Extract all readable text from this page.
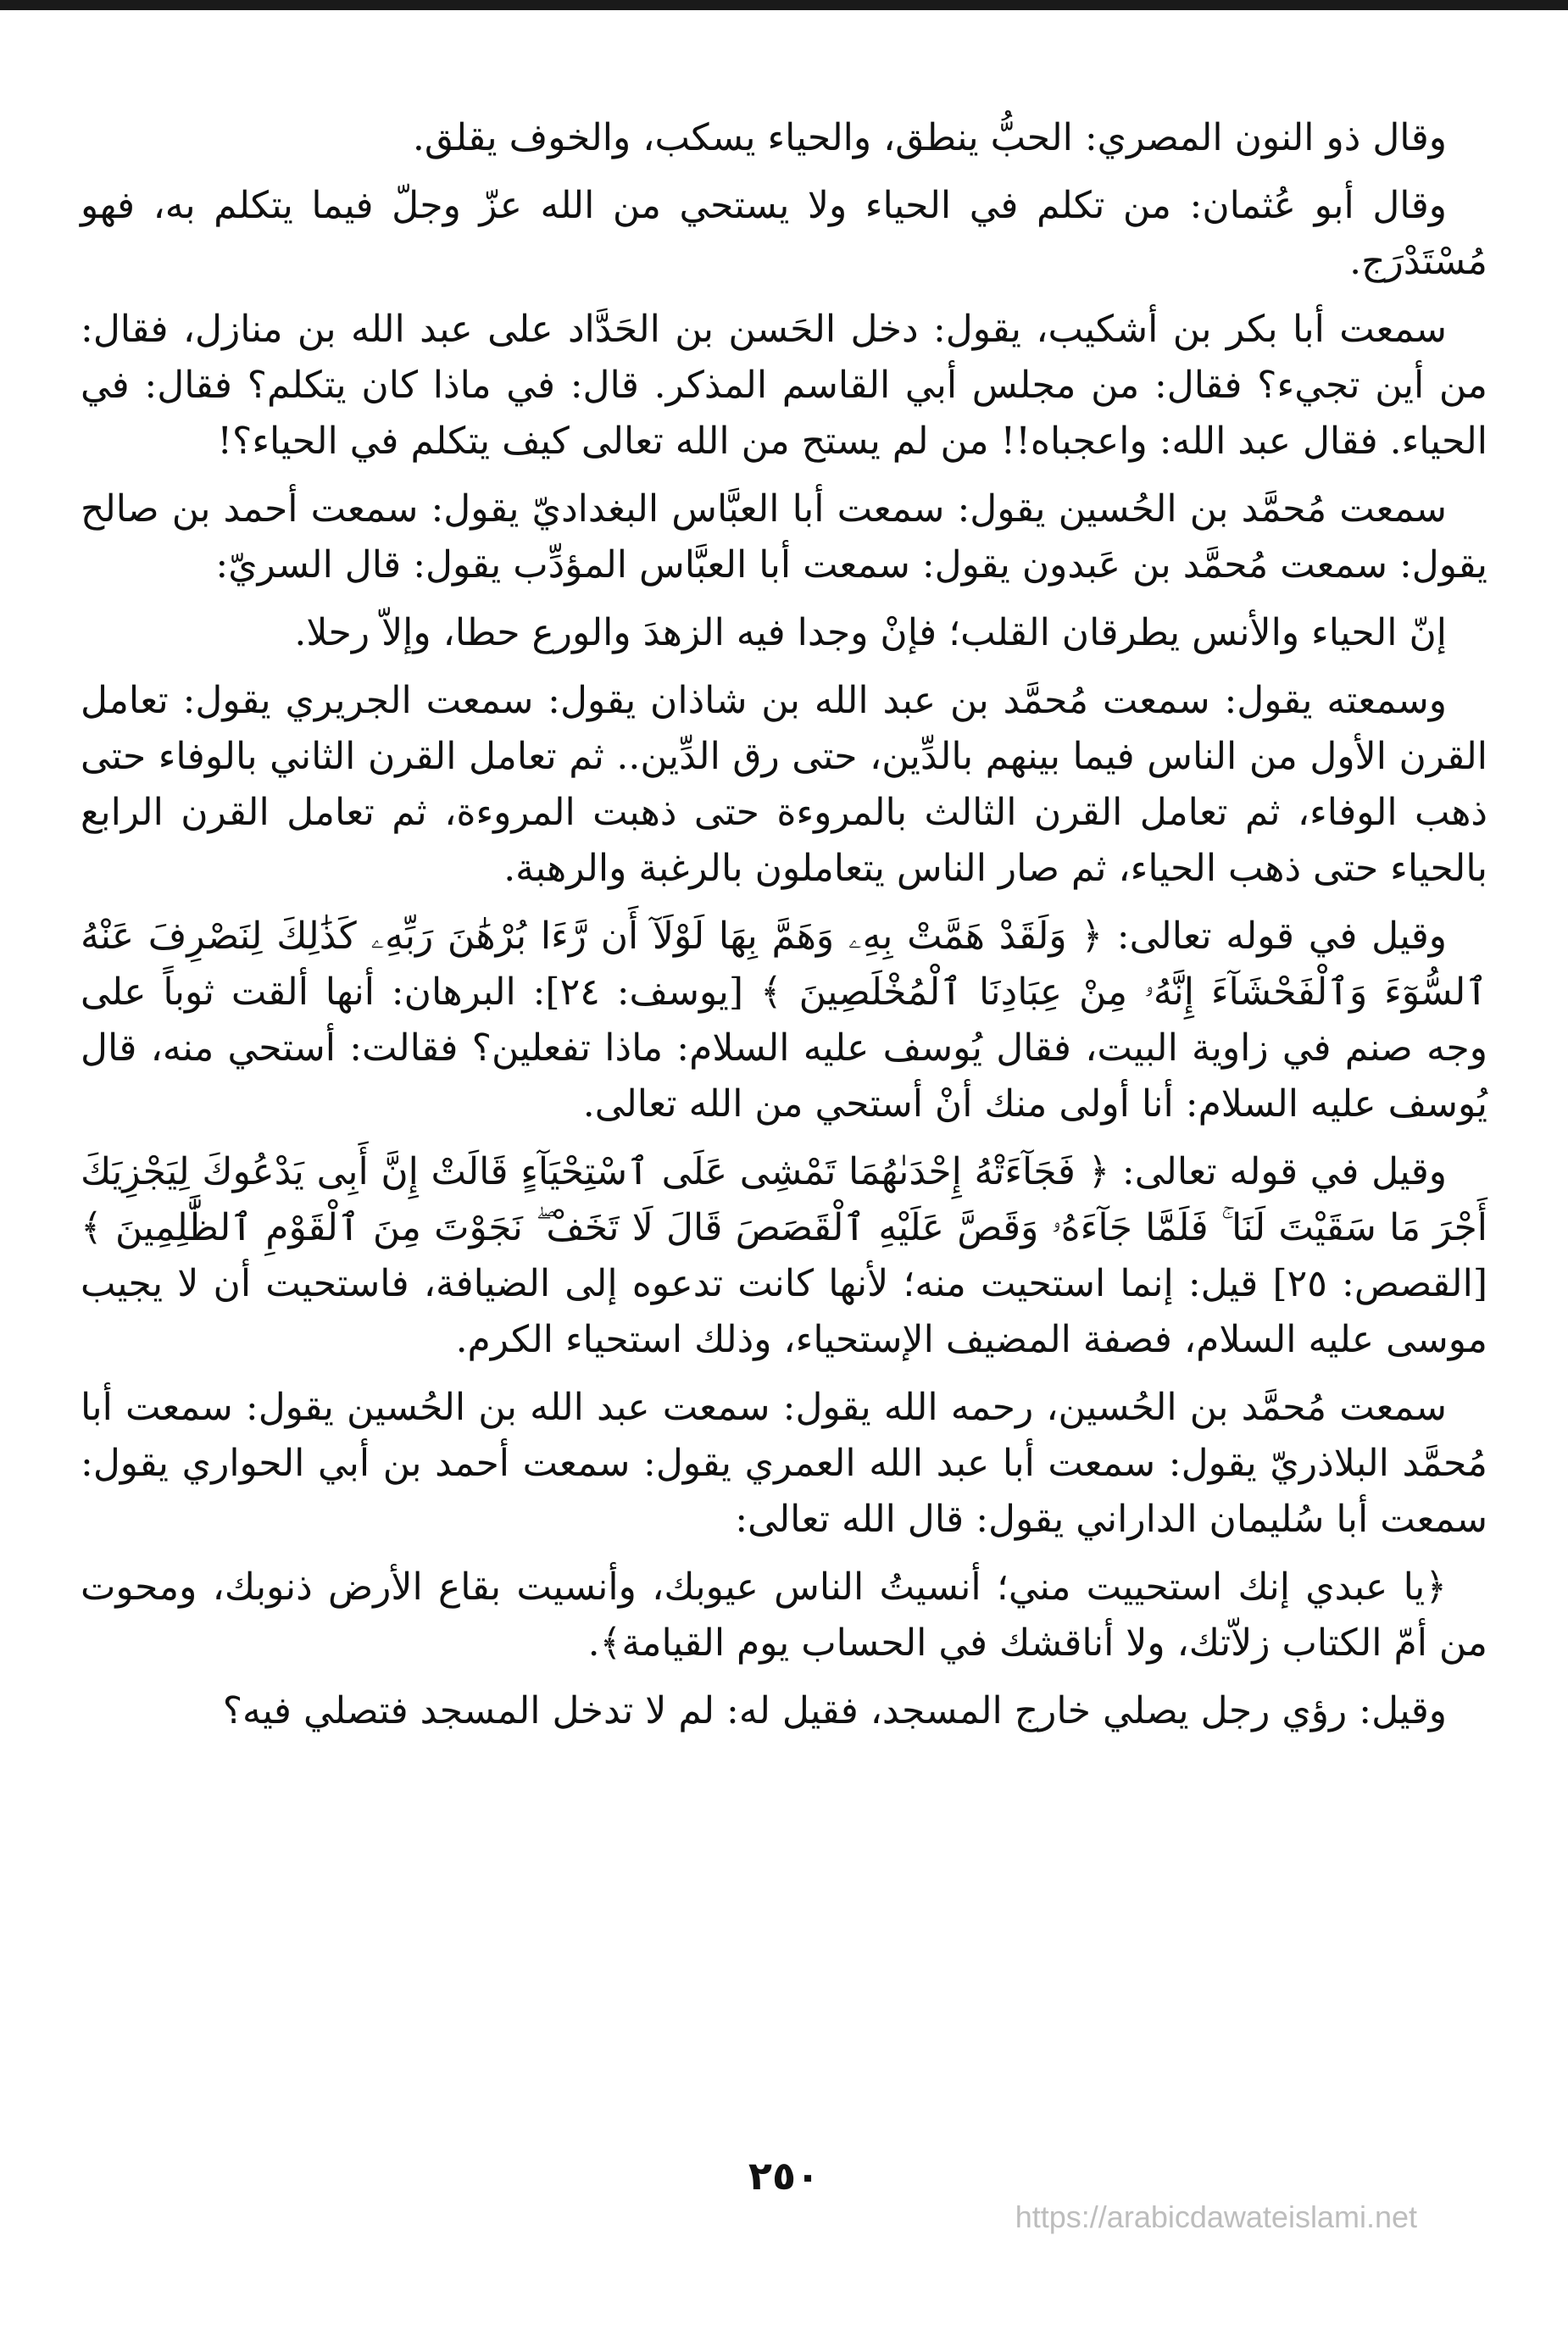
وقال ذو النون المصري: الحبُّ ينطق، والحياء يسكب، والخوف يقلق.

وقال أبو عُثمان: من تكلم في الحياء ولا يستحي من الله عزّ وجلّ فيما يتكلم به، فهو مُسْتَدْرَج.

سمعت أبا بكر بن أشكيب، يقول: دخل الحَسن بن الحَدَّاد على عبد الله بن منازل، فقال: من أين تجيء؟ فقال: من مجلس أبي القاسم المذكر. قال: في ماذا كان يتكلم؟ فقال: في الحياء. فقال عبد الله: واعجباه!! من لم يستح من الله تعالى كيف يتكلم في الحياء؟!

سمعت مُحمَّد بن الحُسين يقول: سمعت أبا العبَّاس البغداديّ يقول: سمعت أحمد بن صالح يقول: سمعت مُحمَّد بن عَبدون يقول: سمعت أبا العبَّاس المؤدِّب يقول: قال السريّ:

إنّ الحياء والأنس يطرقان القلب؛ فإنْ وجدا فيه الزهدَ والورع حطا، وإلاّ رحلا.

وسمعته يقول: سمعت مُحمَّد بن عبد الله بن شاذان يقول: سمعت الجريري يقول: تعامل القرن الأول من الناس فيما بينهم بالدِّين، حتى رق الدِّين.. ثم تعامل القرن الثاني بالوفاء حتى ذهب الوفاء، ثم تعامل القرن الثالث بالمروءة حتى ذهبت المروءة، ثم تعامل القرن الرابع بالحياء حتى ذهب الحياء، ثم صار الناس يتعاملون بالرغبة والرهبة.

وقيل في قوله تعالى: ﴿ وَلَقَدْ هَمَّتْ بِهِۦ وَهَمَّ بِهَا لَوْلَآ أَن رَّءَا بُرْهَٰنَ رَبِّهِۦ كَذَٰلِكَ لِنَصْرِفَ عَنْهُ ٱلسُّوٓءَ وَٱلْفَحْشَآءَ إِنَّهُۥ مِنْ عِبَادِنَا ٱلْمُخْلَصِينَ ﴾ [يوسف: ٢٤]: البرهان: أنها ألقت ثوباً على وجه صنم في زاوية البيت، فقال يُوسف عليه السلام: ماذا تفعلين؟ فقالت: أستحي منه، قال يُوسف عليه السلام: أنا أولى منك أنْ أستحي من الله تعالى.

وقيل في قوله تعالى: ﴿ فَجَآءَتْهُ إِحْدَىٰهُمَا تَمْشِى عَلَى ٱسْتِحْيَآءٍ قَالَتْ إِنَّ أَبِى يَدْعُوكَ لِيَجْزِيَكَ أَجْرَ مَا سَقَيْتَ لَنَا ۚ فَلَمَّا جَآءَهُۥ وَقَصَّ عَلَيْهِ ٱلْقَصَصَ قَالَ لَا تَخَفْ ۖ نَجَوْتَ مِنَ ٱلْقَوْمِ ٱلظَّٰلِمِينَ ﴾ [القصص: ٢٥] قيل: إنما استحيت منه؛ لأنها كانت تدعوه إلى الضيافة، فاستحيت أن لا يجيب موسى عليه السلام، فصفة المضيف الإستحياء، وذلك استحياء الكرم.

سمعت مُحمَّد بن الحُسين، رحمه الله يقول: سمعت عبد الله بن الحُسين يقول: سمعت أبا مُحمَّد البلاذريّ يقول: سمعت أبا عبد الله العمري يقول: سمعت أحمد بن أبي الحواري يقول: سمعت أبا سُليمان الداراني يقول: قال الله تعالى:

﴿يا عبدي إنك استحييت مني؛ أنسيتُ الناس عيوبك، وأنسيت بقاع الأرض ذنوبك، ومحوت من أمّ الكتاب زلاّتك، ولا أناقشك في الحساب يوم القيامة﴾.

وقيل: رؤي رجل يصلي خارج المسجد، فقيل له: لم لا تدخل المسجد فتصلي فيه؟

٢٥٠
https://arabicdawateislami.net
